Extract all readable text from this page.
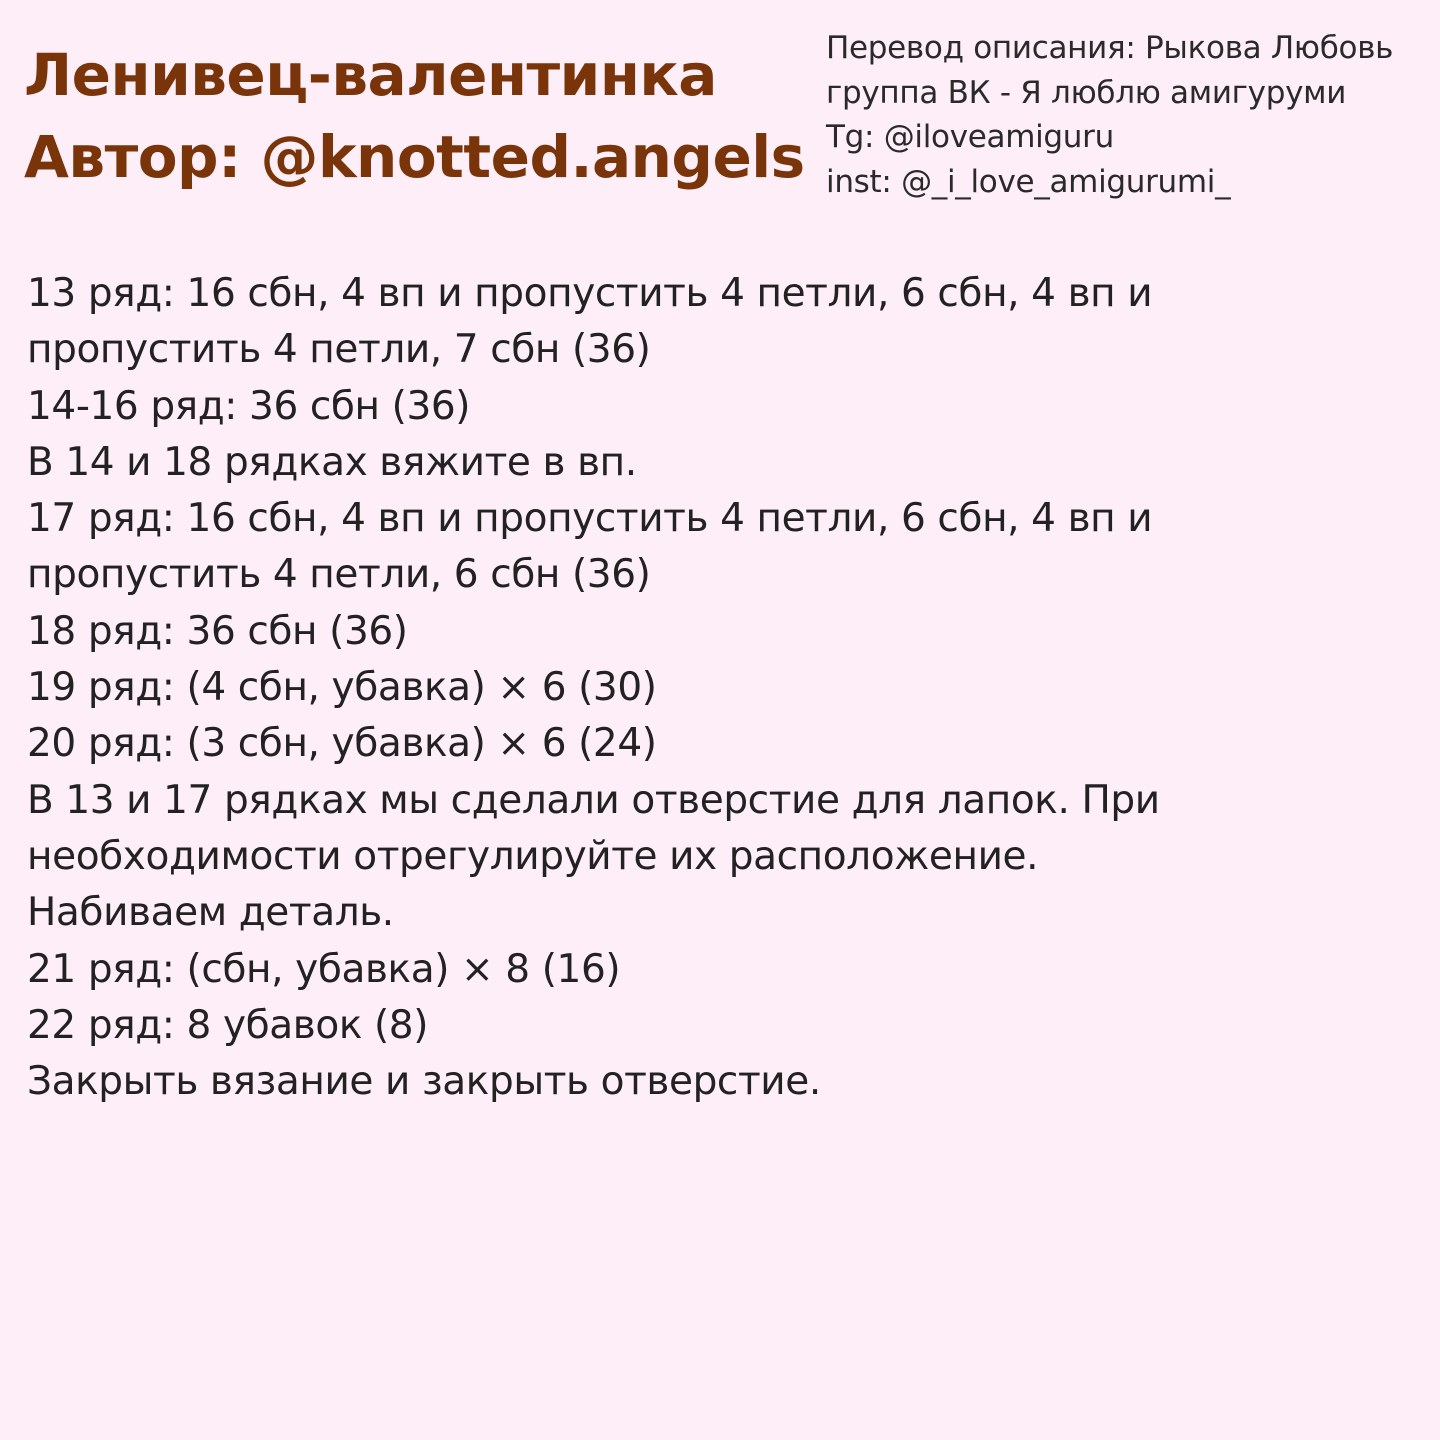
Ленивец-валентинка
Автор: @knotted.angels
Перевод описания: Рыкова Любовь
группа ВК - Я люблю амигуруми
Tg: @iloveamiguru
inst: @_i_love_amigurumi_
13 ряд: 16 сбн, 4 вп и пропустить 4 петли, 6 сбн, 4 вп и
пропустить 4 петли, 7 сбн (36)
14-16 ряд: 36 сбн (36)
В 14 и 18 рядках вяжите в вп.
17 ряд: 16 сбн, 4 вп и пропустить 4 петли, 6 сбн, 4 вп и
пропустить 4 петли, 6 сбн (36)
18 ряд: 36 сбн (36)
19 ряд: (4 сбн, убавка) × 6 (30)
20 ряд: (3 сбн, убавка) × 6 (24)
В 13 и 17 рядках мы сделали отверстие для лапок. При
необходимости отрегулируйте их расположение.
Набиваем деталь.
21 ряд: (сбн, убавка) × 8 (16)
22 ряд: 8 убавок (8)
Закрыть вязание и закрыть отверстие.
